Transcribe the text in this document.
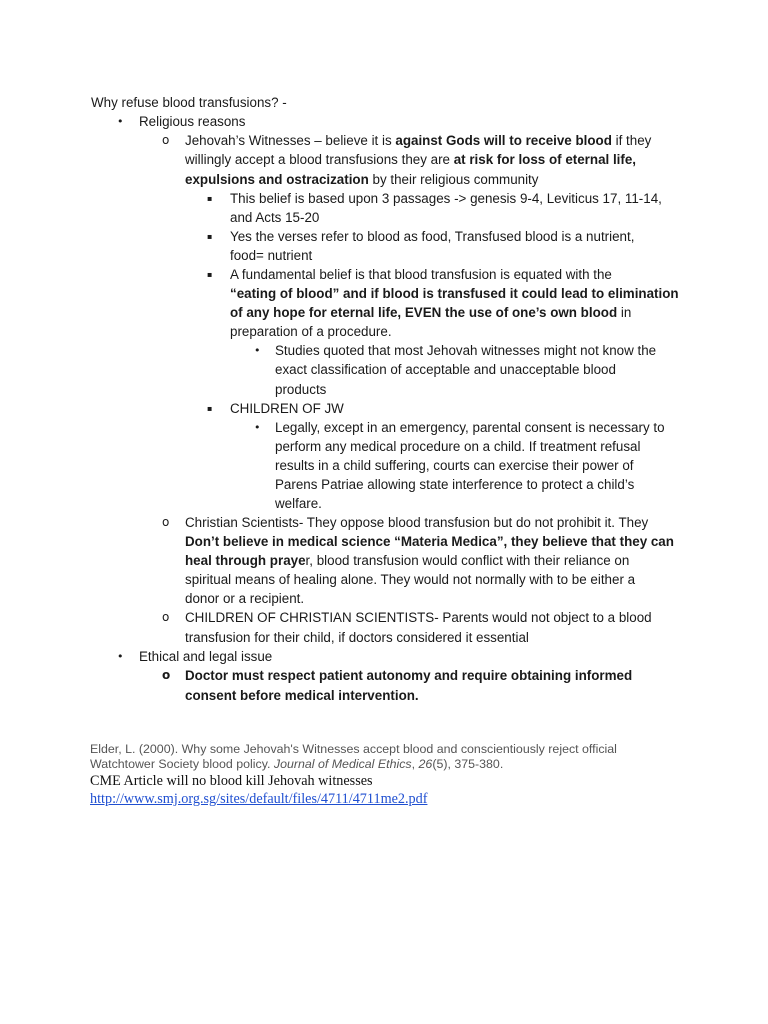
Why refuse blood transfusions? -
• Religious reasons
o Jehovah’s Witnesses – believe it is against Gods will to receive blood if they
willingly accept a blood transfusions they are at risk for loss of eternal life,
expulsions and ostracization by their religious community
▪ This belief is based upon 3 passages -> genesis 9-4, Leviticus 17, 11-14,
and Acts 15-20
▪ Yes the verses refer to blood as food, Transfused blood is a nutrient,
food= nutrient
▪ A fundamental belief is that blood transfusion is equated with the
“eating of blood” and if blood is transfused it could lead to elimination
of any hope for eternal life, EVEN the use of one’s own blood in
preparation of a procedure.
• Studies quoted that most Jehovah witnesses might not know the
exact classification of acceptable and unacceptable blood
products
▪ CHILDREN OF JW
• Legally, except in an emergency, parental consent is necessary to
perform any medical procedure on a child. If treatment refusal
results in a child suffering, courts can exercise their power of
Parens Patriae allowing state interference to protect a child’s
welfare.
o Christian Scientists- They oppose blood transfusion but do not prohibit it. They
Don’t believe in medical science “Materia Medica”, they believe that they can
heal through prayer, blood transfusion would conflict with their reliance on
spiritual means of healing alone. They would not normally with to be either a
donor or a recipient.
o CHILDREN OF CHRISTIAN SCIENTISTS- Parents would not object to a blood
transfusion for their child, if doctors considered it essential
• Ethical and legal issue
o Doctor must respect patient autonomy and require obtaining informed
consent before medical intervention.
Elder, L. (2000). Why some Jehovah's Witnesses accept blood and conscientiously reject official
Watchtower Society blood policy. Journal of Medical Ethics, 26(5), 375-380.
CME Article will no blood kill Jehovah witnesses
http://www.smj.org.sg/sites/default/files/4711/4711me2.pdf
